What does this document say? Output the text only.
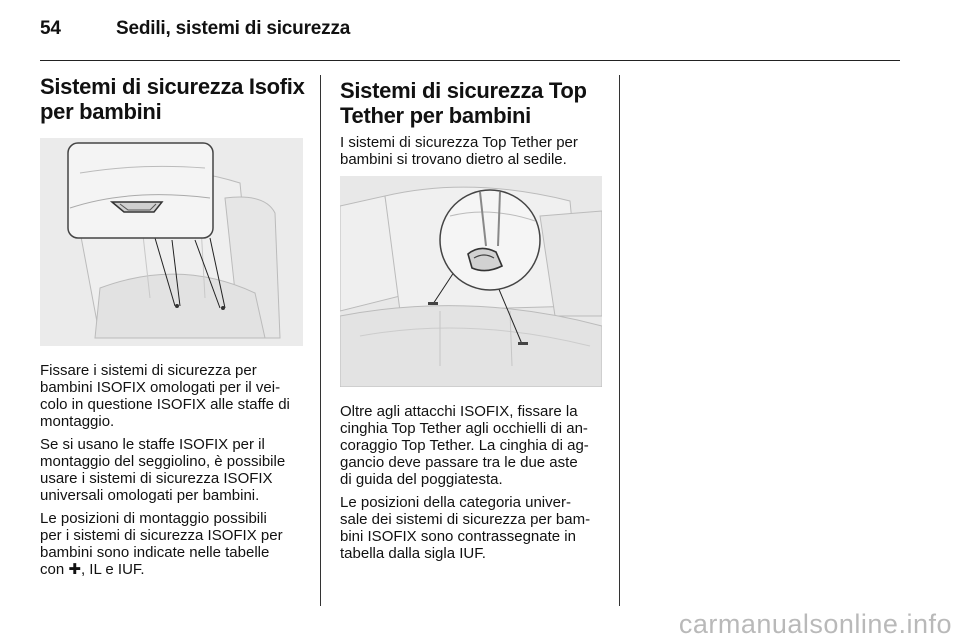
54	Sedili, sistemi di sicurezza
Sistemi di sicurezza Isofix
per bambini
Fissare i sistemi di sicurezza per
bambini ISOFIX omologati per il vei-
colo in questione ISOFIX alle staffe di
montaggio.
Se si usano le staffe ISOFIX per il
montaggio del seggiolino, è possibile
usare i sistemi di sicurezza ISOFIX
universali omologati per bambini.
Le posizioni di montaggio possibili
per i sistemi di sicurezza ISOFIX per
bambini sono indicate nelle tabelle
con ✚, IL e IUF.
Sistemi di sicurezza Top
Tether per bambini
I sistemi di sicurezza Top Tether per
bambini si trovano dietro al sedile.
Oltre agli attacchi ISOFIX, fissare la
cinghia Top Tether agli occhielli di an-
coraggio Top Tether. La cinghia di ag-
gancio deve passare tra le due aste
di guida del poggiatesta.
Le posizioni della categoria univer-
sale dei sistemi di sicurezza per bam-
bini ISOFIX sono contrassegnate in
tabella dalla sigla IUF.
carmanualsonline.info
